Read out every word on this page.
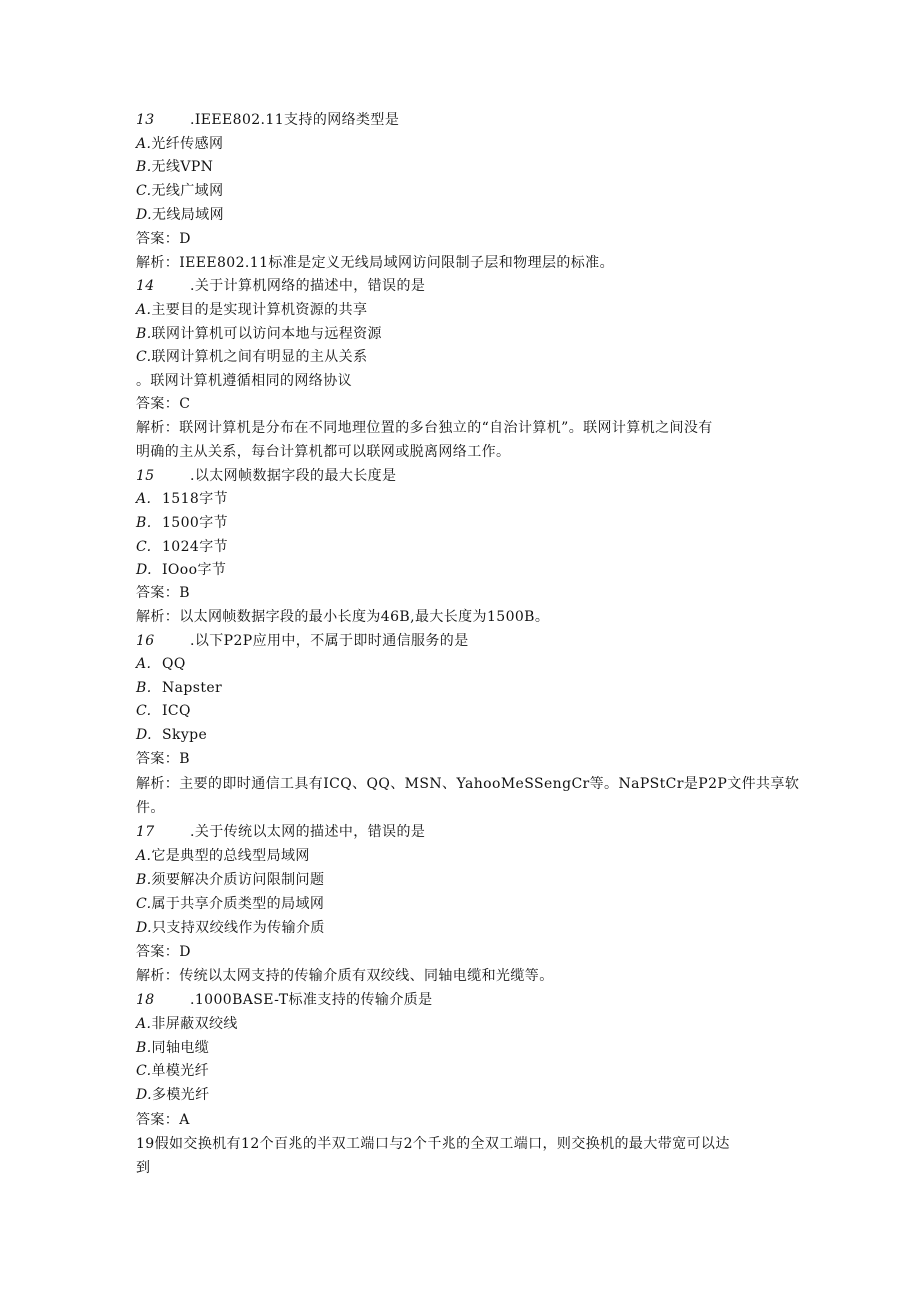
13	.IEEE802.11支持的网络类型是
A.光纤传感网
B.无线VPN
C.无线广域网
D.无线局域网
答案：D
解析：IEEE802.11标准是定义无线局域网访问限制子层和物理层的标准。
14	.关于计算机网络的描述中，错误的是
A.主要目的是实现计算机资源的共享
B.联网计算机可以访问本地与远程资源
C.联网计算机之间有明显的主从关系
。联网计算机遵循相同的网络协议
答案：C
解析：联网计算机是分布在不同地理位置的多台独立的“自治计算机”。联网计算机之间没有
明确的主从关系，每台计算机都可以联网或脱离网络工作。
15	.以太网帧数据字段的最大长度是
A. 1518字节
B. 1500字节
C. 1024字节
D. IOoo字节
答案：B
解析：以太网帧数据字段的最小长度为46B,最大长度为1500B。
16	.以下P2P应用中，不属于即时通信服务的是
A. QQ
B. Napster
C. ICQ
D. Skype
答案：B
解析：主要的即时通信工具有ICQ、QQ、MSN、YahooMeSSengCr等。NaPStCr是P2P文件共享软
件。
17	.关于传统以太网的描述中，错误的是
A.它是典型的总线型局域网
B.须要解决介质访问限制问题
C.属于共享介质类型的局域网
D.只支持双绞线作为传输介质
答案：D
解析：传统以太网支持的传输介质有双绞线、同轴电缆和光缆等。
18	.1000BASE-T标准支持的传输介质是
A.非屏蔽双绞线
B.同轴电缆
C.单模光纤
D.多模光纤
答案：A
19假如交换机有12个百兆的半双工端口与2个千兆的全双工端口，则交换机的最大带宽可以达
到
